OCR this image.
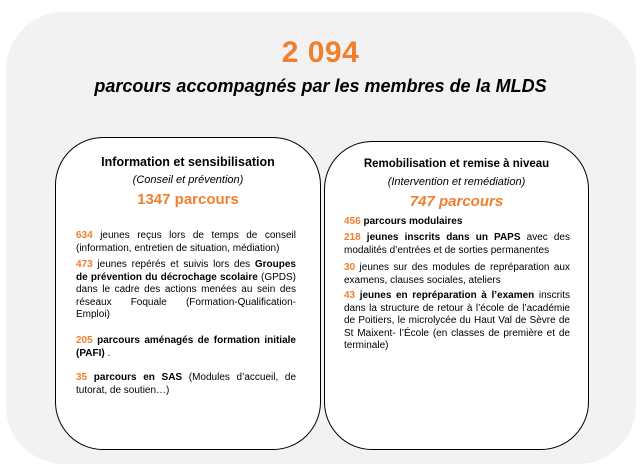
2 094
parcours accompagnés par les membres de la MLDS
Information et sensibilisation
(Conseil et prévention)
1347 parcours
634 jeunes reçus lors de temps de conseil (information, entretien de situation, médiation)
473 jeunes repérés et suivis lors des Groupes de prévention du décrochage scolaire (GPDS) dans le cadre des actions menées au sein des réseaux Foquale (Formation-Qualification-Emploi)
205 parcours aménagés de formation initiale (PAFI) .
35 parcours en SAS (Modules d’accueil, de tutorat, de soutien…)
Remobilisation et remise à niveau
(Intervention et remédiation)
747 parcours
456 parcours modulaires
218 jeunes inscrits dans un PAPS avec des modalités d’entrées et de sorties permanentes
30 jeunes sur des modules de repréparation aux examens, clauses sociales, ateliers
43 jeunes en repréparation à l’examen inscrits dans la structure de retour à l’école de l’académie de Poitiers, le microlycée du Haut Val de Sèvre de St Maixent- l’École (en classes de première et de terminale)
